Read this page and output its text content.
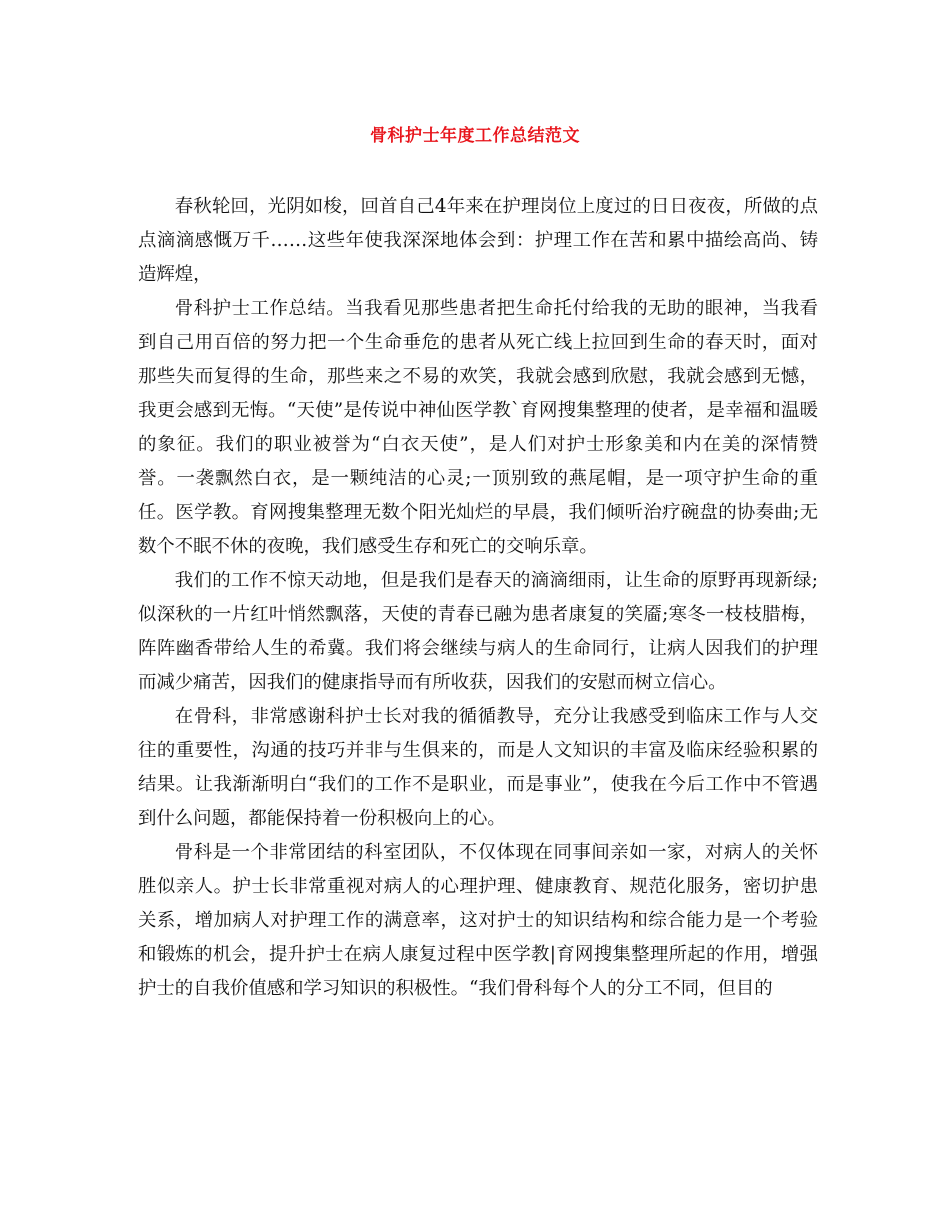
骨科护士年度工作总结范文

春秋轮回，光阴如梭，回首自己4年来在护理岗位上度过的日日夜夜，所做的点点滴滴感慨万千……这些年使我深深地体会到：护理工作在苦和累中描绘高尚、铸造辉煌，

骨科护士工作总结。当我看见那些患者把生命托付给我的无助的眼神，当我看到自己用百倍的努力把一个生命垂危的患者从死亡线上拉回到生命的春天时，面对那些失而复得的生命，那些来之不易的欢笑，我就会感到欣慰，我就会感到无憾，我更会感到无悔。“天使”是传说中神仙医学教`育网搜集整理的使者，是幸福和温暖的象征。我们的职业被誉为“白衣天使”，是人们对护士形象美和内在美的深情赞誉。一袭飘然白衣，是一颗纯洁的心灵;一顶别致的燕尾帽，是一项守护生命的重任。医学教。育网搜集整理无数个阳光灿烂的早晨，我们倾听治疗碗盘的协奏曲;无数个不眠不休的夜晚，我们感受生存和死亡的交响乐章。

我们的工作不惊天动地，但是我们是春天的滴滴细雨，让生命的原野再现新绿;似深秋的一片红叶悄然飘落，天使的青春已融为患者康复的笑靥;寒冬一枝枝腊梅，阵阵幽香带给人生的希冀。我们将会继续与病人的生命同行，让病人因我们的护理而减少痛苦，因我们的健康指导而有所收获，因我们的安慰而树立信心。

在骨科，非常感谢科护士长对我的循循教导，充分让我感受到临床工作与人交往的重要性，沟通的技巧并非与生俱来的，而是人文知识的丰富及临床经验积累的结果。让我渐渐明白“我们的工作不是职业，而是事业”，使我在今后工作中不管遇到什么问题，都能保持着一份积极向上的心。

骨科是一个非常团结的科室团队，不仅体现在同事间亲如一家，对病人的关怀胜似亲人。护士长非常重视对病人的心理护理、健康教育、规范化服务，密切护患关系，增加病人对护理工作的满意率，这对护士的知识结构和综合能力是一个考验和锻炼的机会，提升护士在病人康复过程中医学教|育网搜集整理所起的作用，增强护士的自我价值感和学习知识的积极性。“我们骨科每个人的分工不同，但目的
